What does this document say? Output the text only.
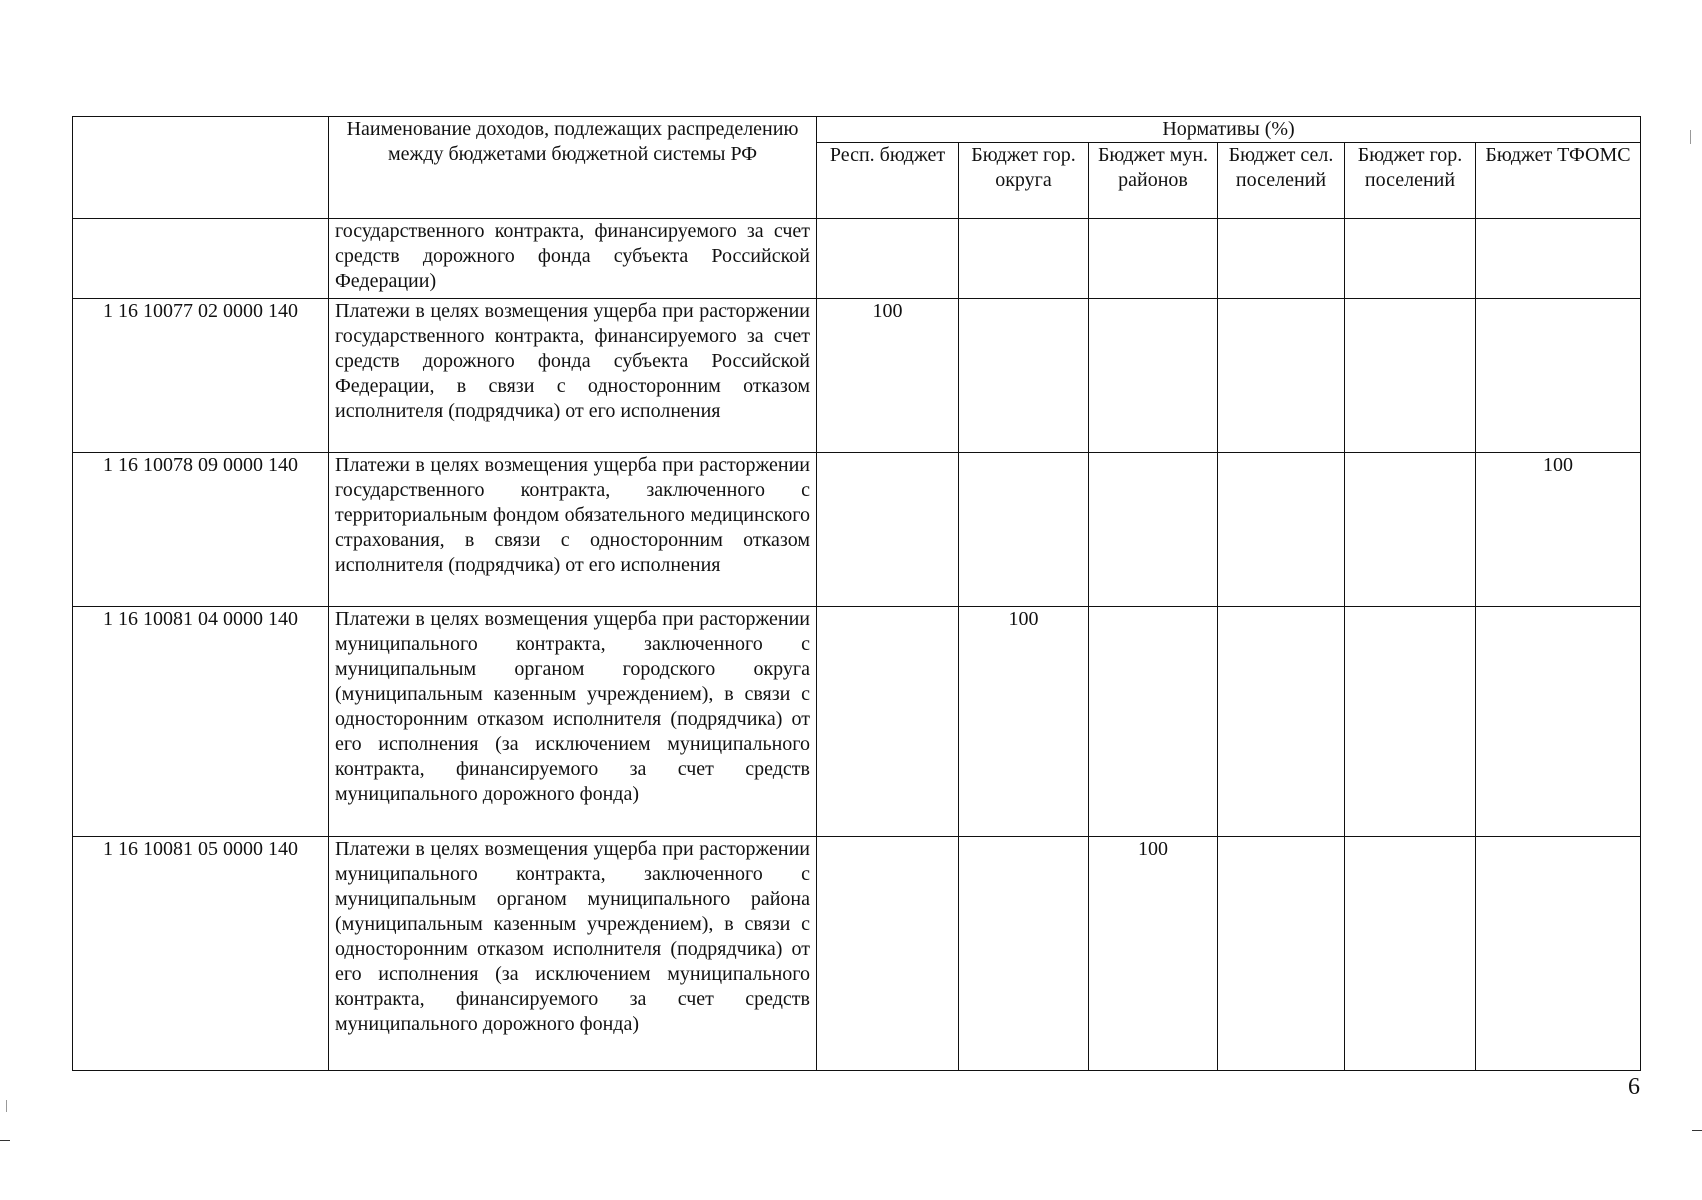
	Наименование доходов, подлежащих распределению между бюджетами бюджетной системы РФ	Нормативы (%)					
		Респ. бюджет	Бюджет гор. округа	Бюджет мун. районов	Бюджет сел. поселений	Бюджет гор. поселений	Бюджет ТФОМС
	государственного контракта, финансируемого за счет средств дорожного фонда субъекта Российской Федерации)						
1 16 10077 02 0000 140	Платежи в целях возмещения ущерба при расторжении государственного контракта, финансируемого за счет средств дорожного фонда субъекта Российской Федерации, в связи с односторонним отказом исполнителя (подрядчика) от его исполнения	100					
1 16 10078 09 0000 140	Платежи в целях возмещения ущерба при расторжении государственного контракта, заключенного с территориальным фондом обязательного медицинского страхования, в связи с односторонним отказом исполнителя (подрядчика) от его исполнения						100
1 16 10081 04 0000 140	Платежи в целях возмещения ущерба при расторжении муниципального контракта, заключенного с муниципальным органом городского округа (муниципальным казенным учреждением), в связи с односторонним отказом исполнителя (подрядчика) от его исполнения (за исключением муниципального контракта, финансируемого за счет средств муниципального дорожного фонда)		100				
1 16 10081 05 0000 140	Платежи в целях возмещения ущерба при расторжении муниципального контракта, заключенного с муниципальным органом муниципального района (муниципальным казенным учреждением), в связи с односторонним отказом исполнителя (подрядчика) от его исполнения (за исключением муниципального контракта, финансируемого за счет средств муниципального дорожного фонда)			100			
6
